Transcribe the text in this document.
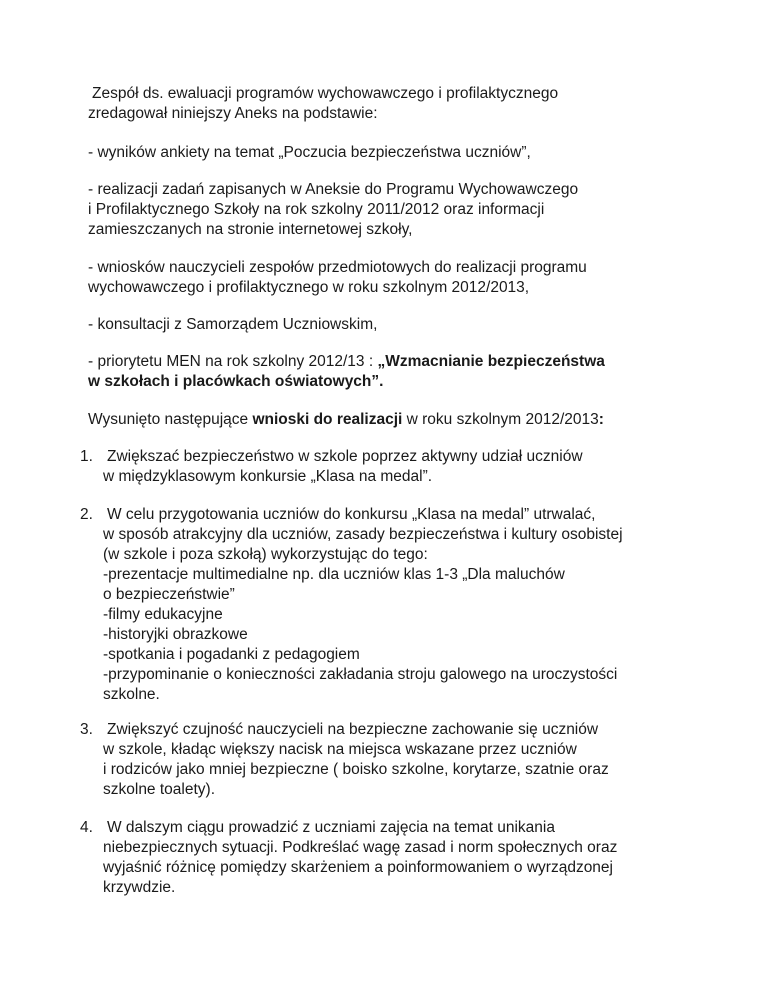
Zespół ds. ewaluacji programów wychowawczego i profilaktycznego
zredagował niniejszy Aneks na podstawie:
- wyników ankiety na temat „Poczucia bezpieczeństwa uczniów”,
- realizacji zadań zapisanych w Aneksie do Programu Wychowawczego
i Profilaktycznego Szkoły na rok szkolny 2011/2012 oraz informacji
zamieszczanych na stronie internetowej szkoły,
- wniosków nauczycieli zespołów przedmiotowych do realizacji programu
wychowawczego i profilaktycznego w roku szkolnym 2012/2013,
- konsultacji z Samorządem Uczniowskim,
- priorytetu MEN na rok szkolny 2012/13 : „Wzmacnianie bezpieczeństwa
w szkołach i placówkach oświatowych”.
Wysunięto następujące wnioski do realizacji w roku szkolnym 2012/2013:
1. Zwiększać bezpieczeństwo w szkole poprzez aktywny udział uczniów
w międzyklasowym konkursie „Klasa na medal”.
2. W celu przygotowania uczniów do konkursu „Klasa na medal” utrwalać,
w sposób atrakcyjny dla uczniów, zasady bezpieczeństwa i kultury osobistej
(w szkole i poza szkołą) wykorzystując do tego:
-prezentacje multimedialne np. dla uczniów klas 1-3 „Dla maluchów
o bezpieczeństwie”
-filmy edukacyjne
-historyjki obrazkowe
-spotkania i pogadanki z pedagogiem
-przypominanie o konieczności zakładania stroju galowego na uroczystości
szkolne.
3. Zwiększyć czujność nauczycieli na bezpieczne zachowanie się uczniów
w szkole, kładąc większy nacisk na miejsca wskazane przez uczniów
i rodziców jako mniej bezpieczne ( boisko szkolne, korytarze, szatnie oraz
szkolne toalety).
4. W dalszym ciągu prowadzić z uczniami zajęcia na temat unikania
niebezpiecznych sytuacji. Podkreślać wagę zasad i norm społecznych oraz
wyjaśnić różnicę pomiędzy skarżeniem a poinformowaniem o wyrządzonej
krzywdzie.
